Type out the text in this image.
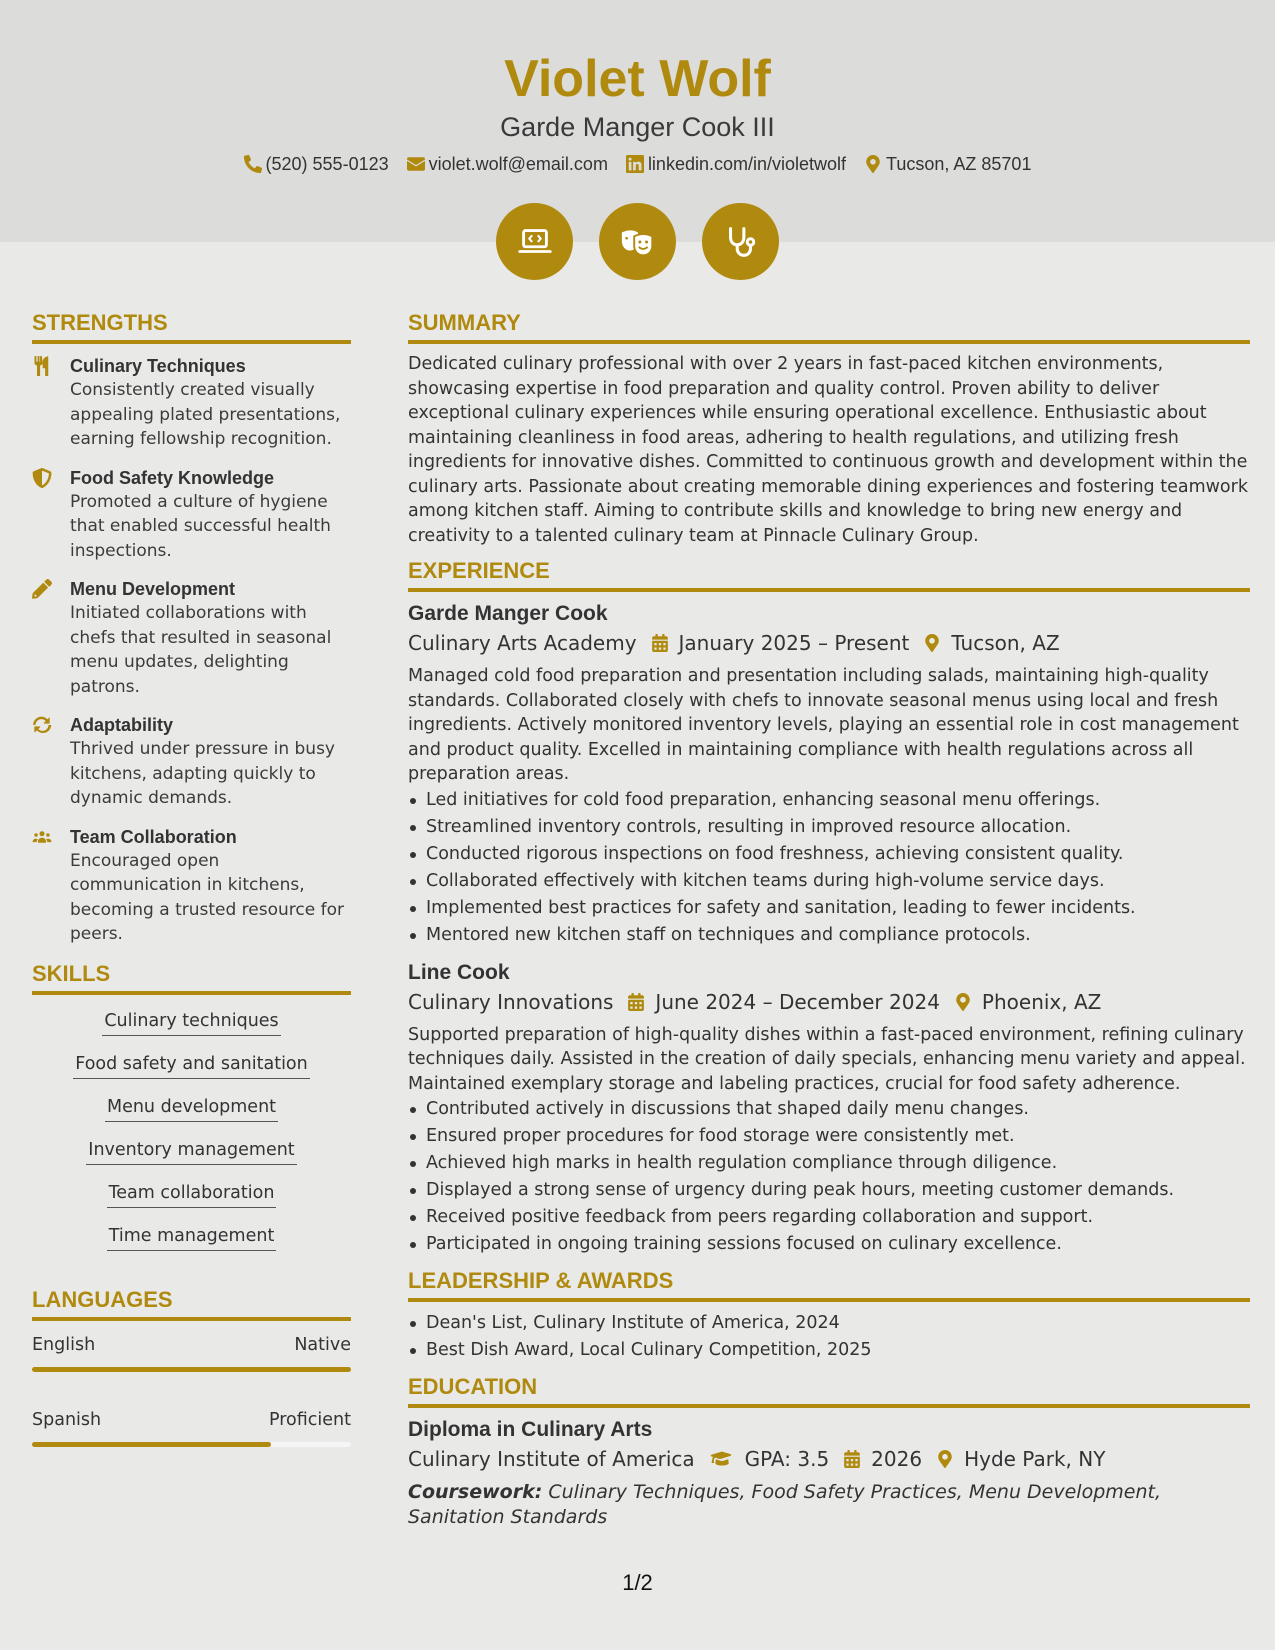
Violet Wolf
Garde Manger Cook III
(520) 555-0123 violet.wolf@email.com linkedin.com/in/violetwolf Tucson, AZ 85701
STRENGTHS
Culinary Techniques
Consistently created visually appealing plated presentations, earning fellowship recognition.
Food Safety Knowledge
Promoted a culture of hygiene that enabled successful health inspections.
Menu Development
Initiated collaborations with chefs that resulted in seasonal menu updates, delighting patrons.
Adaptability
Thrived under pressure in busy kitchens, adapting quickly to dynamic demands.
Team Collaboration
Encouraged open communication in kitchens, becoming a trusted resource for peers.
SKILLS
Culinary techniques
Food safety and sanitation
Menu development
Inventory management
Team collaboration
Time management
LANGUAGES
English	Native
Spanish	Proficient
SUMMARY
Dedicated culinary professional with over 2 years in fast-paced kitchen environments, showcasing expertise in food preparation and quality control. Proven ability to deliver exceptional culinary experiences while ensuring operational excellence. Enthusiastic about maintaining cleanliness in food areas, adhering to health regulations, and utilizing fresh ingredients for innovative dishes. Committed to continuous growth and development within the culinary arts. Passionate about creating memorable dining experiences and fostering teamwork among kitchen staff. Aiming to contribute skills and knowledge to bring new energy and creativity to a talented culinary team at Pinnacle Culinary Group.
EXPERIENCE
Garde Manger Cook
Culinary Arts Academy January 2025 – Present Tucson, AZ
Managed cold food preparation and presentation including salads, maintaining high-quality standards. Collaborated closely with chefs to innovate seasonal menus using local and fresh ingredients. Actively monitored inventory levels, playing an essential role in cost management and product quality. Excelled in maintaining compliance with health regulations across all preparation areas.
Led initiatives for cold food preparation, enhancing seasonal menu offerings.
Streamlined inventory controls, resulting in improved resource allocation.
Conducted rigorous inspections on food freshness, achieving consistent quality.
Collaborated effectively with kitchen teams during high-volume service days.
Implemented best practices for safety and sanitation, leading to fewer incidents.
Mentored new kitchen staff on techniques and compliance protocols.
Line Cook
Culinary Innovations June 2024 – December 2024 Phoenix, AZ
Supported preparation of high-quality dishes within a fast-paced environment, refining culinary techniques daily. Assisted in the creation of daily specials, enhancing menu variety and appeal. Maintained exemplary storage and labeling practices, crucial for food safety adherence.
Contributed actively in discussions that shaped daily menu changes.
Ensured proper procedures for food storage were consistently met.
Achieved high marks in health regulation compliance through diligence.
Displayed a strong sense of urgency during peak hours, meeting customer demands.
Received positive feedback from peers regarding collaboration and support.
Participated in ongoing training sessions focused on culinary excellence.
LEADERSHIP & AWARDS
Dean's List, Culinary Institute of America, 2024
Best Dish Award, Local Culinary Competition, 2025
EDUCATION
Diploma in Culinary Arts
Culinary Institute of America	GPA: 3.5 2026 Hyde Park, NY
Coursework: Culinary Techniques, Food Safety Practices, Menu Development, Sanitation Standards
1/2
